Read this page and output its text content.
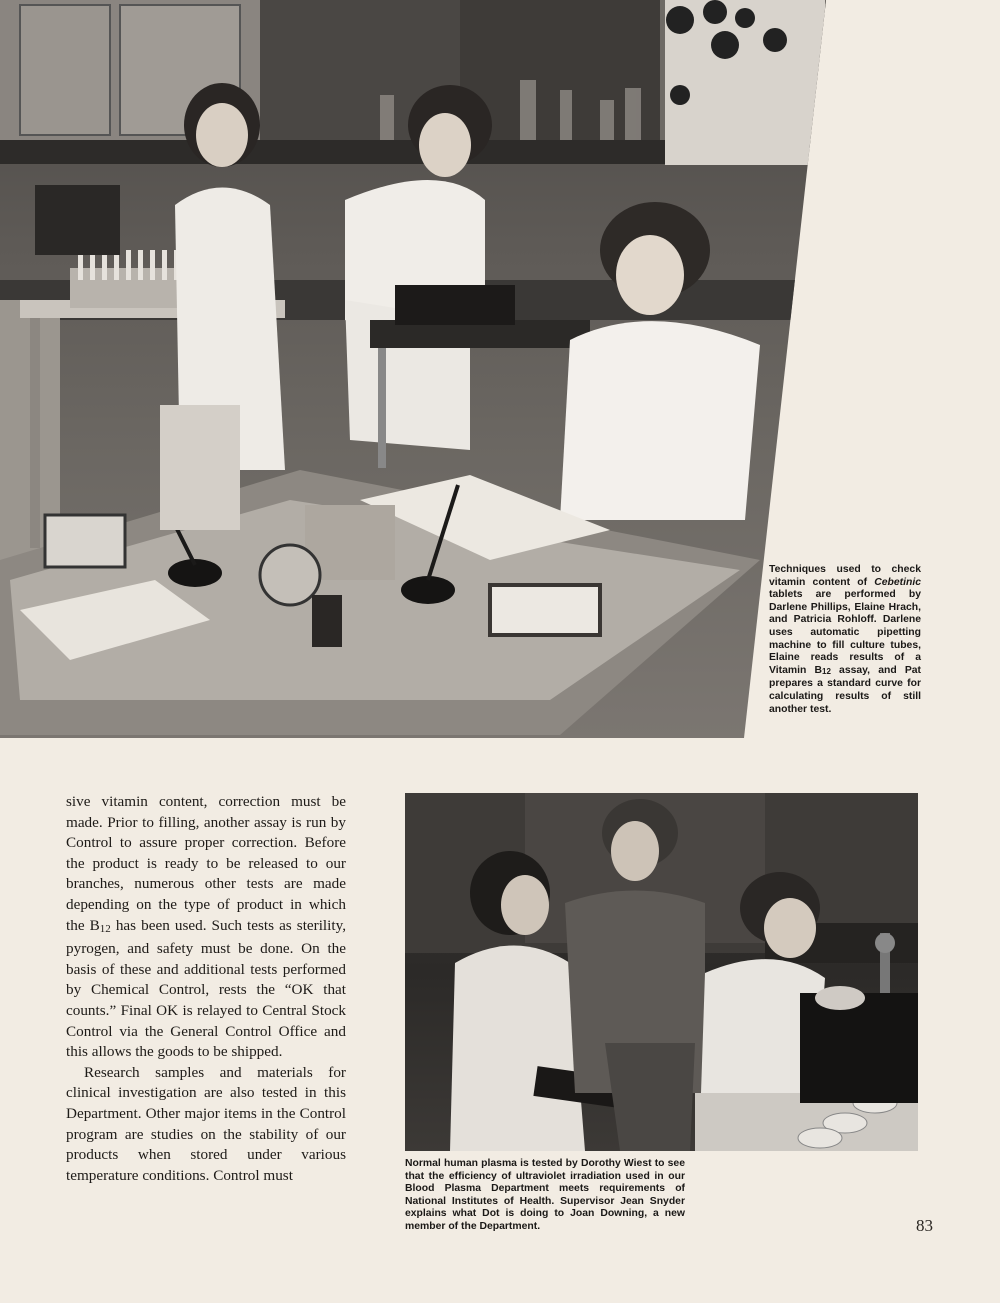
Techniques used to check vitamin content of Cebetinic tablets are performed by Darlene Phillips, Elaine Hrach, and Patricia Rohloff. Darlene uses automatic pipetting machine to fill culture tubes, Elaine reads results of a Vitamin B12 assay, and Pat prepares a standard curve for calculating results of still another test.

sive vitamin content, correction must be made. Prior to filling, another assay is run by Control to assure proper correction. Before the product is ready to be released to our branches, numerous other tests are made depending on the type of product in which the B12 has been used. Such tests as sterility, pyrogen, and safety must be done. On the basis of these and additional tests performed by Chemical Control, rests the “OK that counts.” Final OK is relayed to Central Stock Control via the General Control Office and this allows the goods to be shipped.

Research samples and materials for clinical investigation are also tested in this Department. Other major items in the Control program are studies on the stability of our products when stored under various temperature conditions. Control must

Normal human plasma is tested by Dorothy Wiest to see that the efficiency of ultraviolet irradiation used in our Blood Plasma Department meets requirements of National Institutes of Health. Supervisor Jean Snyder explains what Dot is doing to Joan Downing, a new member of the Department.	83
